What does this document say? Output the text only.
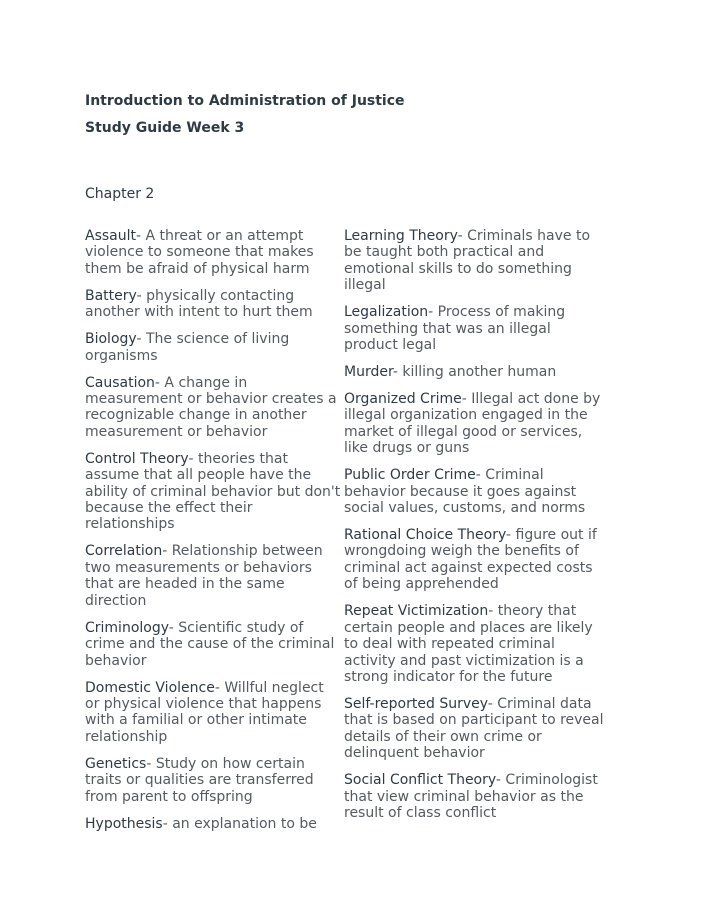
Introduction to Administration of Justice
Study Guide Week 3

Chapter 2

Assault- A threat or an attempt violence to someone that makes them be afraid of physical harm

Battery- physically contacting another with intent to hurt them

Biology- The science of living organisms

Causation- A change in measurement or behavior creates a recognizable change in another measurement or behavior

Control Theory- theories that assume that all people have the ability of criminal behavior but don't because the effect their relationships

Correlation- Relationship between two measurements or behaviors that are headed in the same direction

Criminology- Scientific study of crime and the cause of the criminal behavior

Domestic Violence- Willful neglect or physical violence that happens with a familial or other intimate relationship

Genetics- Study on how certain traits or qualities are transferred from parent to offspring

Hypothesis- an explanation to be

Learning Theory- Criminals have to be taught both practical and emotional skills to do something illegal

Legalization- Process of making something that was an illegal product legal

Murder- killing another human

Organized Crime- Illegal act done by illegal organization engaged in the market of illegal good or services, like drugs or guns

Public Order Crime- Criminal behavior because it goes against social values, customs, and norms

Rational Choice Theory- figure out if wrongdoing weigh the benefits of criminal act against expected costs of being apprehended

Repeat Victimization- theory that certain people and places are likely to deal with repeated criminal activity and past victimization is a strong indicator for the future

Self-reported Survey- Criminal data that is based on participant to reveal details of their own crime or delinquent behavior

Social Conflict Theory- Criminologist that view criminal behavior as the result of class conflict
